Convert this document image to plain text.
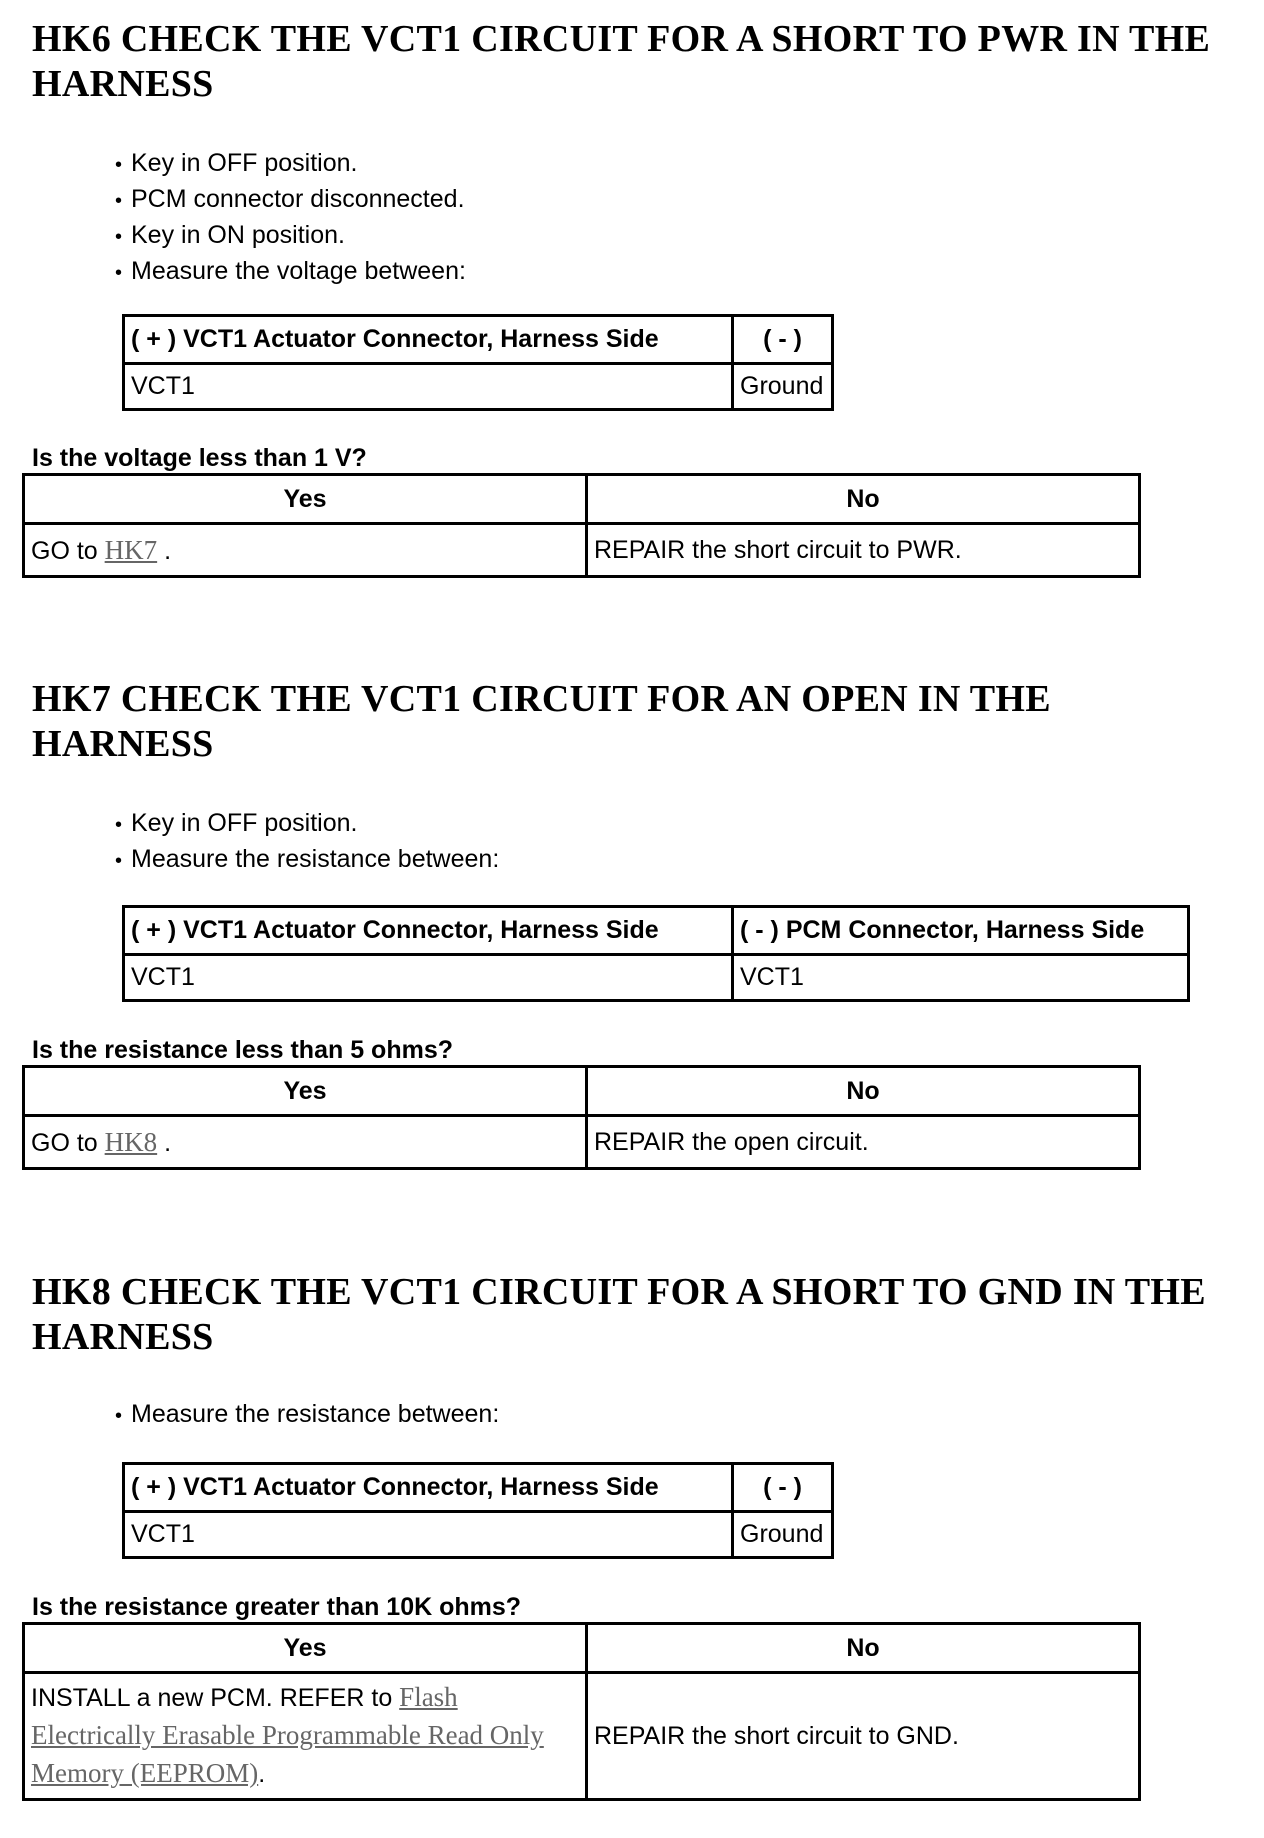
HK6 CHECK THE VCT1 CIRCUIT FOR A SHORT TO PWR IN THE HARNESS
• Key in OFF position.
• PCM connector disconnected.
• Key in ON position.
• Measure the voltage between:
( + ) VCT1 Actuator Connector, Harness Side	( - )
VCT1	Ground

Is the voltage less than 1 V?

Yes	No
GO to HK7 .	REPAIR the short circuit to PWR.
HK7 CHECK THE VCT1 CIRCUIT FOR AN OPEN IN THE HARNESS
• Key in OFF position.
• Measure the resistance between:
( + ) VCT1 Actuator Connector, Harness Side	( - ) PCM Connector, Harness Side
VCT1	VCT1

Is the resistance less than 5 ohms?

Yes	No
GO to HK8 .	REPAIR the open circuit.
HK8 CHECK THE VCT1 CIRCUIT FOR A SHORT TO GND IN THE HARNESS
• Measure the resistance between:
( + ) VCT1 Actuator Connector, Harness Side	( - )
VCT1	Ground

Is the resistance greater than 10K ohms?

Yes	No
INSTALL a new PCM. REFER to Flash Electrically Erasable Programmable Read Only Memory (EEPROM).	REPAIR the short circuit to GND.
